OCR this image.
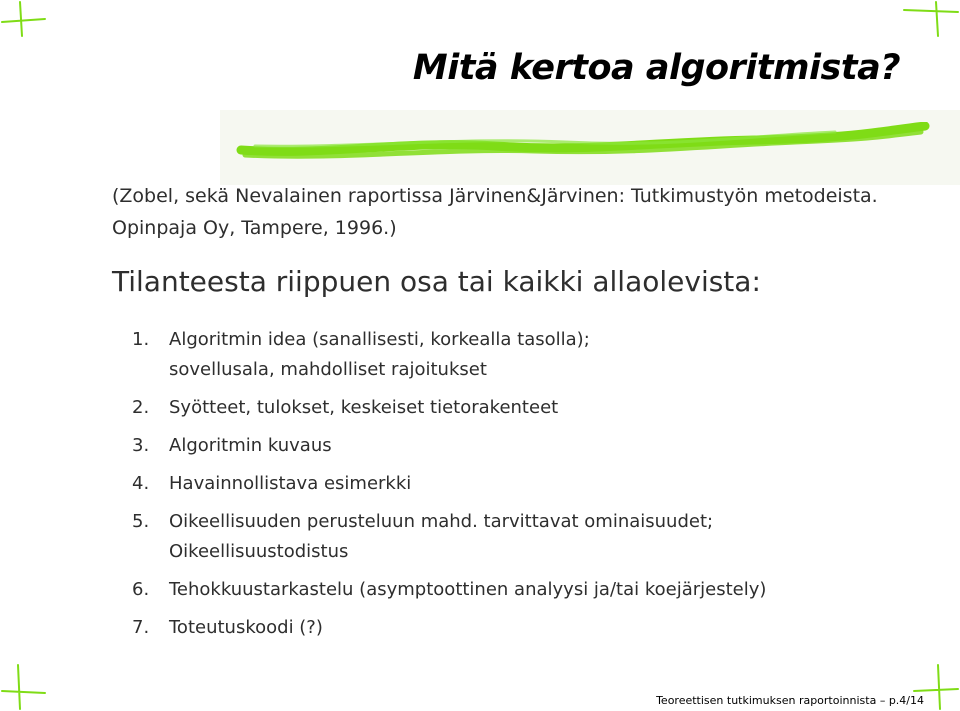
Mitä kertoa algoritmista?
(Zobel, sekä Nevalainen raportissa Järvinen&Järvinen: Tutkimustyön metodeista.
Opinpaja Oy, Tampere, 1996.)
Tilanteesta riippuen osa tai kaikki allaolevista:
1. Algoritmin idea (sanallisesti, korkealla tasolla);
sovellusala, mahdolliset rajoitukset
2. Syötteet, tulokset, keskeiset tietorakenteet
3. Algoritmin kuvaus
4. Havainnollistava esimerkki
5. Oikeellisuuden perusteluun mahd. tarvittavat ominaisuudet;
Oikeellisuustodistus
6. Tehokkuustarkastelu (asymptoottinen analyysi ja/tai koejärjestely)
7. Toteutuskoodi (?)
Teoreettisen tutkimuksen raportoinnista – p.4/14
